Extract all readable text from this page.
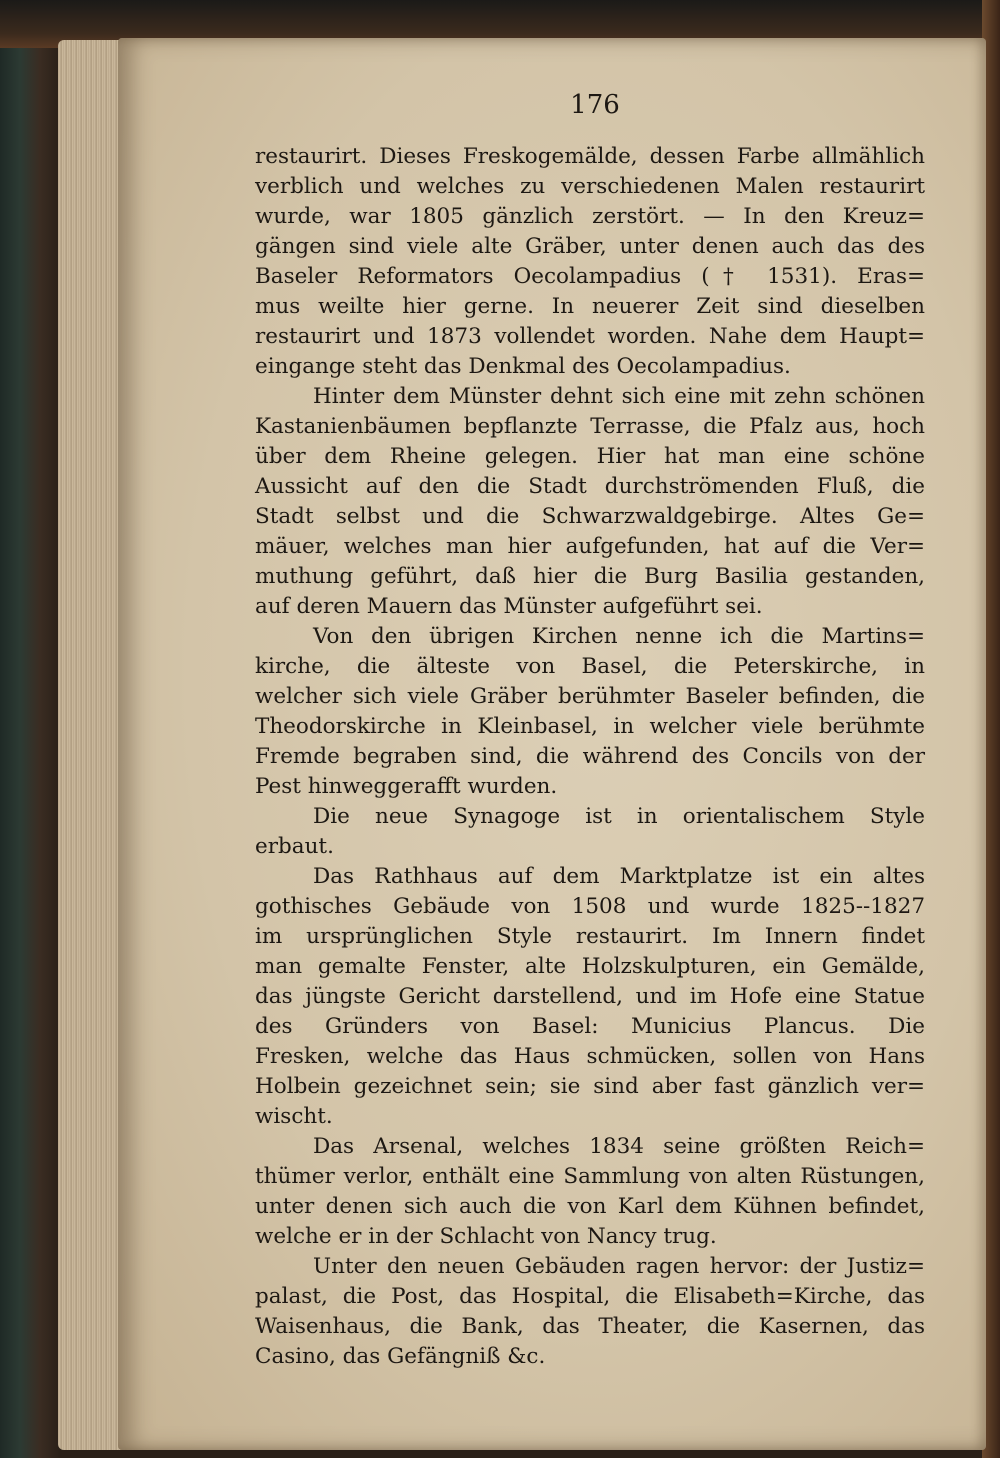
176
restaurirt. Dieses Freskogemälde, dessen Farbe allmählich
verblich und welches zu verschiedenen Malen restaurirt
wurde, war 1805 gänzlich zerstört. — In den Kreuz=
gängen sind viele alte Gräber, unter denen auch das des
Baseler Reformators Oecolampadius († 1531). Eras=
mus weilte hier gerne. In neuerer Zeit sind dieselben
restaurirt und 1873 vollendet worden. Nahe dem Haupt=
eingange steht das Denkmal des Oecolampadius.
Hinter dem Münster dehnt sich eine mit zehn schönen
Kastanienbäumen bepflanzte Terrasse, die Pfalz aus, hoch
über dem Rheine gelegen. Hier hat man eine schöne
Aussicht auf den die Stadt durchströmenden Fluß, die
Stadt selbst und die Schwarzwaldgebirge. Altes Ge=
mäuer, welches man hier aufgefunden, hat auf die Ver=
muthung geführt, daß hier die Burg Basilia gestanden,
auf deren Mauern das Münster aufgeführt sei.
Von den übrigen Kirchen nenne ich die Martins=
kirche, die älteste von Basel, die Peterskirche, in
welcher sich viele Gräber berühmter Baseler befinden, die
Theodorskirche in Kleinbasel, in welcher viele berühmte
Fremde begraben sind, die während des Concils von der
Pest hinweggerafft wurden.
Die neue Synagoge ist in orientalischem Style
erbaut.
Das Rathhaus auf dem Marktplatze ist ein altes
gothisches Gebäude von 1508 und wurde 1825--1827
im ursprünglichen Style restaurirt. Im Innern findet
man gemalte Fenster, alte Holzskulpturen, ein Gemälde,
das jüngste Gericht darstellend, und im Hofe eine Statue
des Gründers von Basel: Municius Plancus. Die
Fresken, welche das Haus schmücken, sollen von Hans
Holbein gezeichnet sein; sie sind aber fast gänzlich ver=
wischt.
Das Arsenal, welches 1834 seine größten Reich=
thümer verlor, enthält eine Sammlung von alten Rüstungen,
unter denen sich auch die von Karl dem Kühnen befindet,
welche er in der Schlacht von Nancy trug.
Unter den neuen Gebäuden ragen hervor: der Justiz=
palast, die Post, das Hospital, die Elisabeth=Kirche, das
Waisenhaus, die Bank, das Theater, die Kasernen, das
Casino, das Gefängniß &c.
